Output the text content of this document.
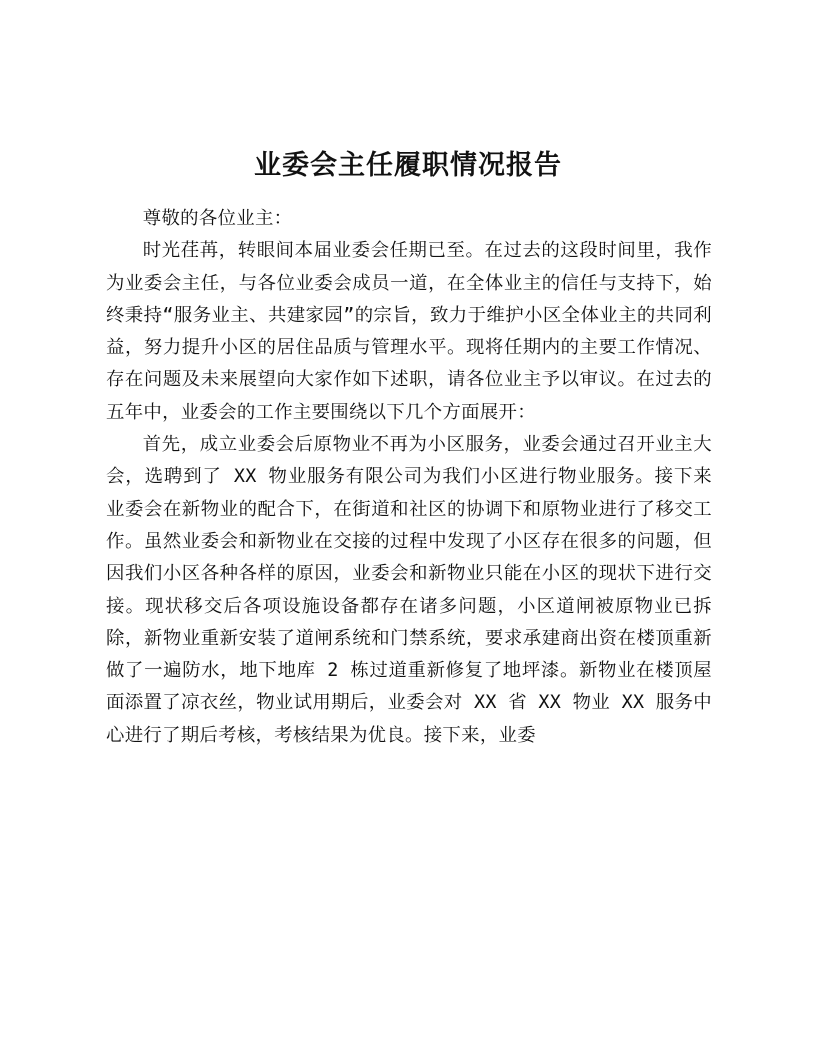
业委会主任履职情况报告

尊敬的各位业主：

时光荏苒，转眼间本届业委会任期已至。在过去的这段时间里，我作为业委会主任，与各位业委会成员一道，在全体业主的信任与支持下，始终秉持“服务业主、共建家园”的宗旨，致力于维护小区全体业主的共同利益，努力提升小区的居住品质与管理水平。现将任期内的主要工作情况、存在问题及未来展望向大家作如下述职，请各位业主予以审议。在过去的五年中，业委会的工作主要围绕以下几个方面展开：

首先，成立业委会后原物业不再为小区服务，业委会通过召开业主大会，选聘到了 XX 物业服务有限公司为我们小区进行物业服务。接下来业委会在新物业的配合下，在街道和社区的协调下和原物业进行了移交工作。虽然业委会和新物业在交接的过程中发现了小区存在很多的问题，但因我们小区各种各样的原因，业委会和新物业只能在小区的现状下进行交接。现状移交后各项设施设备都存在诸多问题，小区道闸被原物业已拆除，新物业重新安装了道闸系统和门禁系统，要求承建商出资在楼顶重新做了一遍防水，地下地库 2 栋过道重新修复了地坪漆。新物业在楼顶屋面添置了凉衣丝，物业试用期后，业委会对 XX 省 XX 物业 XX 服务中心进行了期后考核，考核结果为优良。接下来，业委
